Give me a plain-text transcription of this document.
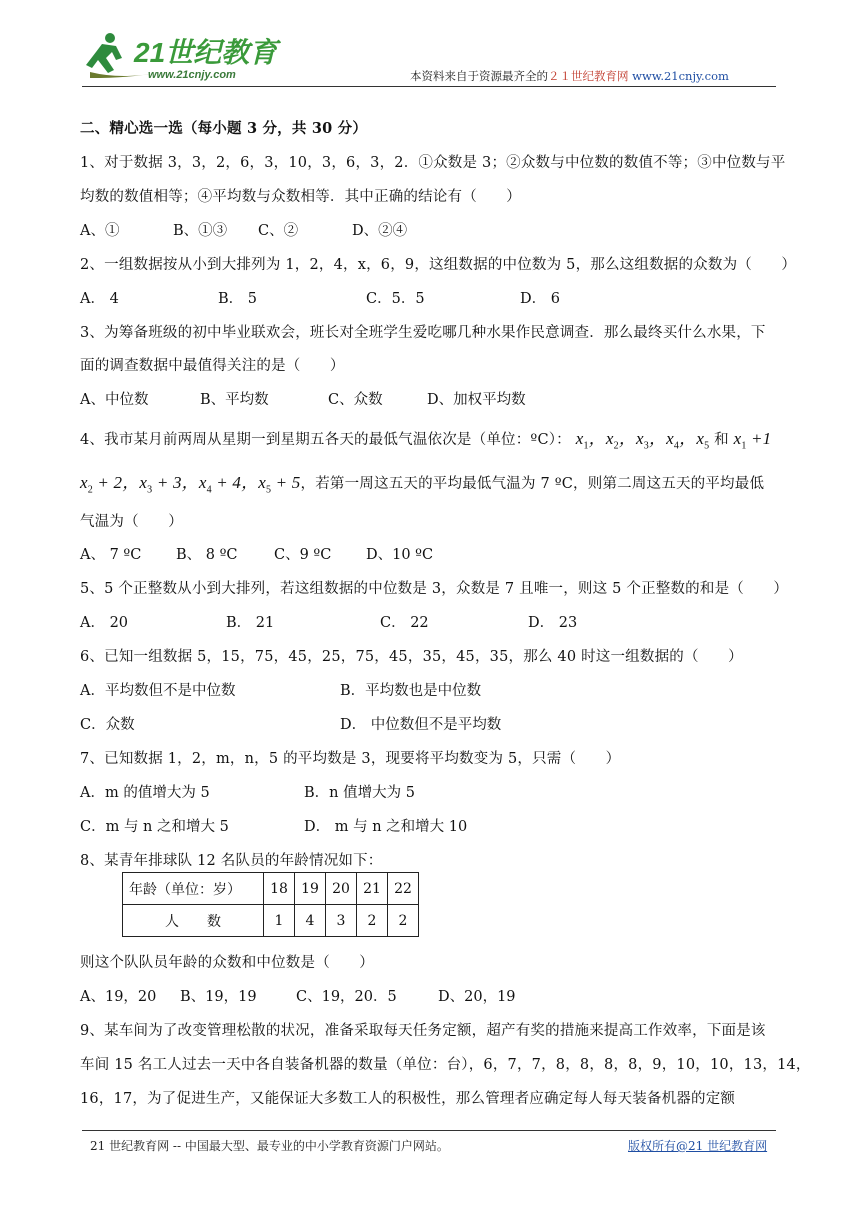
21世纪教育
www.21cnjy.com	本资料来自于资源最齐全的２１世纪教育网 www.21cnjy.com
二、精心选一选（每小题 3 分，共 30 分）
1、对于数据 3，3，2，6，3，10，3，6，3，2．①众数是 3；②众数与中位数的数值不等；③中位数与平
均数的数值相等；④平均数与众数相等．其中正确的结论有（　　）
A、①	B、①③ C、②	D、②④
2、一组数据按从小到大排列为 1，2，4，x，6，9，这组数据的中位数为 5，那么这组数据的众数为（　　）
A． 4	B． 5	C．5．5	D． 6
3、为筹备班级的初中毕业联欢会，班长对全班学生爱吃哪几种水果作民意调查．那么最终买什么水果，下
面的调查数据中最值得关注的是（　　）
A、中位数	B、平均数	C、众数	D、加权平均数
4、我市某月前两周从星期一到星期五各天的最低气温依次是（单位：ºC）： $x_1$，$x_2$，$x_3$，$x_4$，$x_5$ 和 $x_1 +1$
$x_2 + 2$，$x_3 + 3$，$x_4 + 4$，$x_5 + 5$，若第一周这五天的平均最低气温为 7 ºC，则第二周这五天的平均最低
气温为（　　）
A、 7 ºC B、 8 ºC	C、9 ºC D、10 ºC
5、5 个正整数从小到大排列，若这组数据的中位数是 3，众数是 7 且唯一，则这 5 个正整数的和是（　　）
A． 20	B． 21	C． 22	D． 23
6、已知一组数据 5，15，75，45，25，75，45，35，45，35，那么 40 时这一组数据的（　　）
A．平均数但不是中位数	B．平均数也是中位数
C．众数	D． 中位数但不是平均数
7、已知数据 1，2，m，n，5 的平均数是 3，现要将平均数变为 5，只需（　　）
A．m 的值增大为 5	B．n 值增大为 5
C．m 与 n 之和增大 5	D． m 与 n 之和增大 10
8、某青年排球队 12 名队员的年龄情况如下：
年龄（单位：岁）	18	19	20	21	22
人　　数	1	4	3	2	2
则这个队队员年龄的众数和中位数是（　　）
A、19，20 B、19，19	C、19，20．5	D、20，19
9、某车间为了改变管理松散的状况，准备采取每天任务定额，超产有奖的措施来提高工作效率，下面是该
车间 15 名工人过去一天中各自装备机器的数量（单位：台），6，7，7，8，8，8，8，9，10，10，13，14，
16，17，为了促进生产，又能保证大多数工人的积极性，那么管理者应确定每人每天装备机器的定额
21 世纪教育网 -- 中国最大型、最专业的中小学教育资源门户网站。	版权所有@21 世纪教育网
